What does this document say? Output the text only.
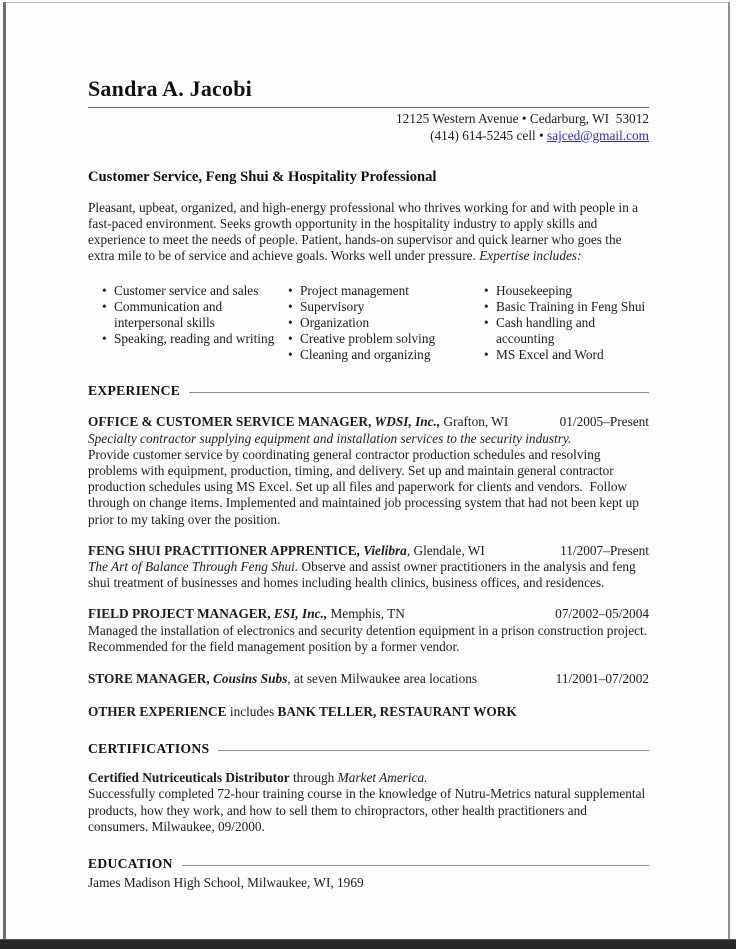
Sandra A. Jacobi
12125 Western Avenue • Cedarburg, WI  53012
(414) 614-5245 cell • sajced@gmail.com
Customer Service, Feng Shui & Hospitality Professional

Pleasant, upbeat, organized, and high-energy professional who thrives working for and with people in a fast-paced environment. Seeks growth opportunity in the hospitality industry to apply skills and experience to meet the needs of people. Patient, hands-on supervisor and quick learner who goes the extra mile to be of service and achieve goals. Works well under pressure. Expertise includes:

• Customer service and sales
• Communication and interpersonal skills
• Speaking, reading and writing
• Project management
• Supervisory
• Organization
• Creative problem solving
• Cleaning and organizing
• Housekeeping
• Basic Training in Feng Shui
• Cash handling and accounting
• MS Excel and Word
EXPERIENCE
OFFICE & CUSTOMER SERVICE MANAGER, WDSI, Inc., Grafton, WI	01/2005–Present
Specialty contractor supplying equipment and installation services to the security industry.
Provide customer service by coordinating general contractor production schedules and resolving problems with equipment, production, timing, and delivery. Set up and maintain general contractor production schedules using MS Excel. Set up all files and paperwork for clients and vendors.  Follow through on change items. Implemented and maintained job processing system that had not been kept up prior to my taking over the position.
FENG SHUI PRACTITIONER APPRENTICE, Vielibra, Glendale, WI	11/2007–Present
The Art of Balance Through Feng Shui. Observe and assist owner practitioners in the analysis and feng shui treatment of businesses and homes including health clinics, business offices, and residences.
FIELD PROJECT MANAGER, ESI, Inc., Memphis, TN	07/2002–05/2004
Managed the installation of electronics and security detention equipment in a prison construction project. Recommended for the field management position by a former vendor.
STORE MANAGER, Cousins Subs, at seven Milwaukee area locations	11/2001–07/2002
OTHER EXPERIENCE includes BANK TELLER, RESTAURANT WORK
CERTIFICATIONS
Certified Nutriceuticals Distributor through Market America.
Successfully completed 72-hour training course in the knowledge of Nutru-Metrics natural supplemental products, how they work, and how to sell them to chiropractors, other health practitioners and consumers. Milwaukee, 09/2000.
EDUCATION
James Madison High School, Milwaukee, WI, 1969
